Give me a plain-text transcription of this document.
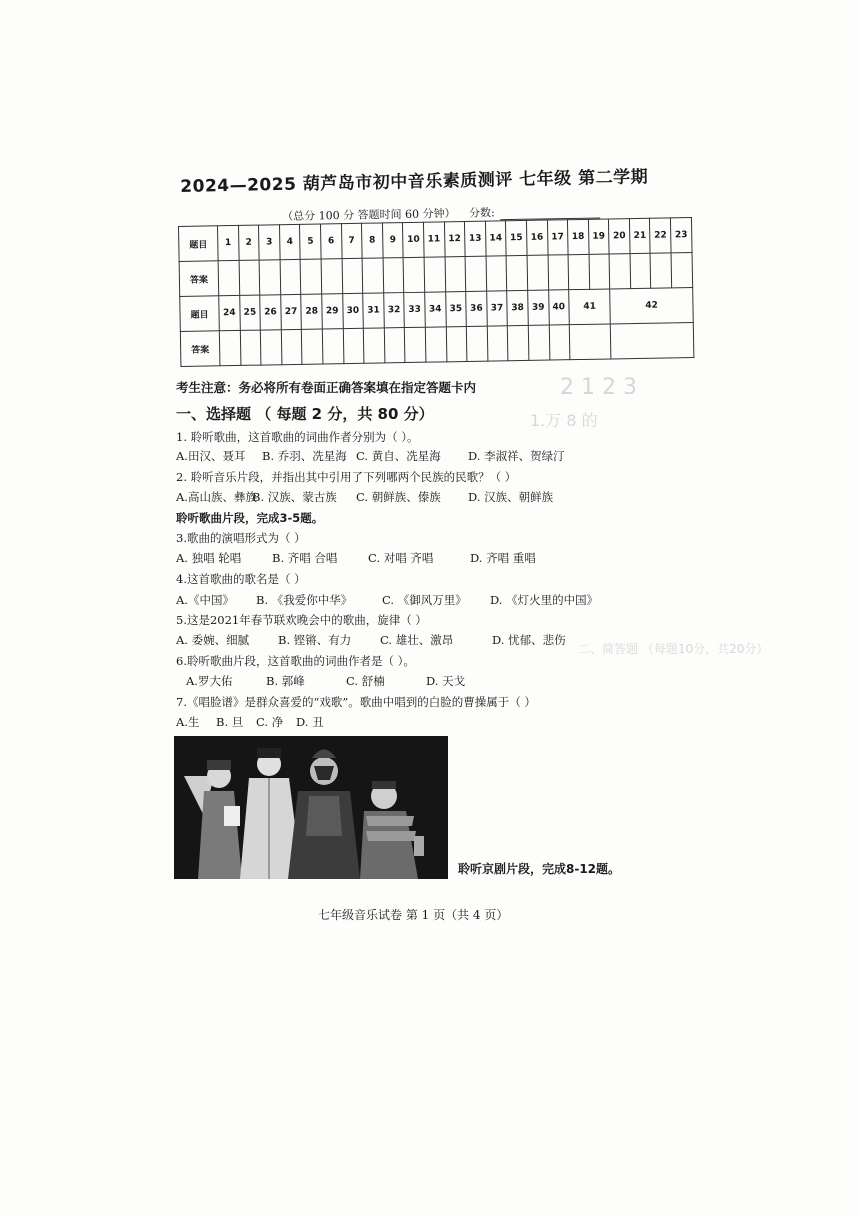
2 1 2 3
1.万 8 的
二、简答题 （每题10分，共20分）
2024—2025 葫芦岛市初中音乐素质测评 七年级 第二学期
（总分 100 分 答题时间 60 分钟） 分数:
题目	1	2	3	4	5	6	7	8	9	10	11	12	13	14	15	16	17	18	19	20	21	22	23
答案																							
题目	24	25	26	27	28	29	30	31	32	33	34	35	36	37	38	39	40	41		42			
答案																							
考生注意：务必将所有卷面正确答案填在指定答题卡内
一、选择题 （ 每题 2 分，共 80 分）
1. 聆听歌曲，这首歌曲的词曲作者分别为（ ）。
A.田汉、聂耳 B. 乔羽、冼星海 C. 黄自、冼星海 D. 李淑祥、贺绿汀
2. 聆听音乐片段，并指出其中引用了下列哪两个民族的民歌？（ ）
A.高山族、彝族B. 汉族、蒙古族 C. 朝鲜族、傣族 D. 汉族、朝鲜族
聆听歌曲片段，完成3-5题。
3.歌曲的演唱形式为（ ）
A. 独唱 轮唱	B. 齐唱 合唱	C. 对唱 齐唱	D. 齐唱 重唱
4.这首歌曲的歌名是（ ）
A.《中国》 B. 《我爱你中华》	C. 《御风万里》 D. 《灯火里的中国》
5.这是2021年春节联欢晚会中的歌曲，旋律（ ）
A. 委婉、细腻	B. 铿锵、有力 C. 雄壮、激昂	D. 忧郁、悲伤
6.聆听歌曲片段，这首歌曲的词曲作者是（ ）。
A.罗大佑	B. 郭峰	C. 舒楠	D. 天戈
7.《唱脸谱》是群众喜爱的“戏歌”。歌曲中唱到的白脸的曹操属于（ ）
A.生 B. 旦 C. 净 D. 丑
聆听京剧片段，完成8-12题。
七年级音乐试卷 第 1 页（共 4 页）
